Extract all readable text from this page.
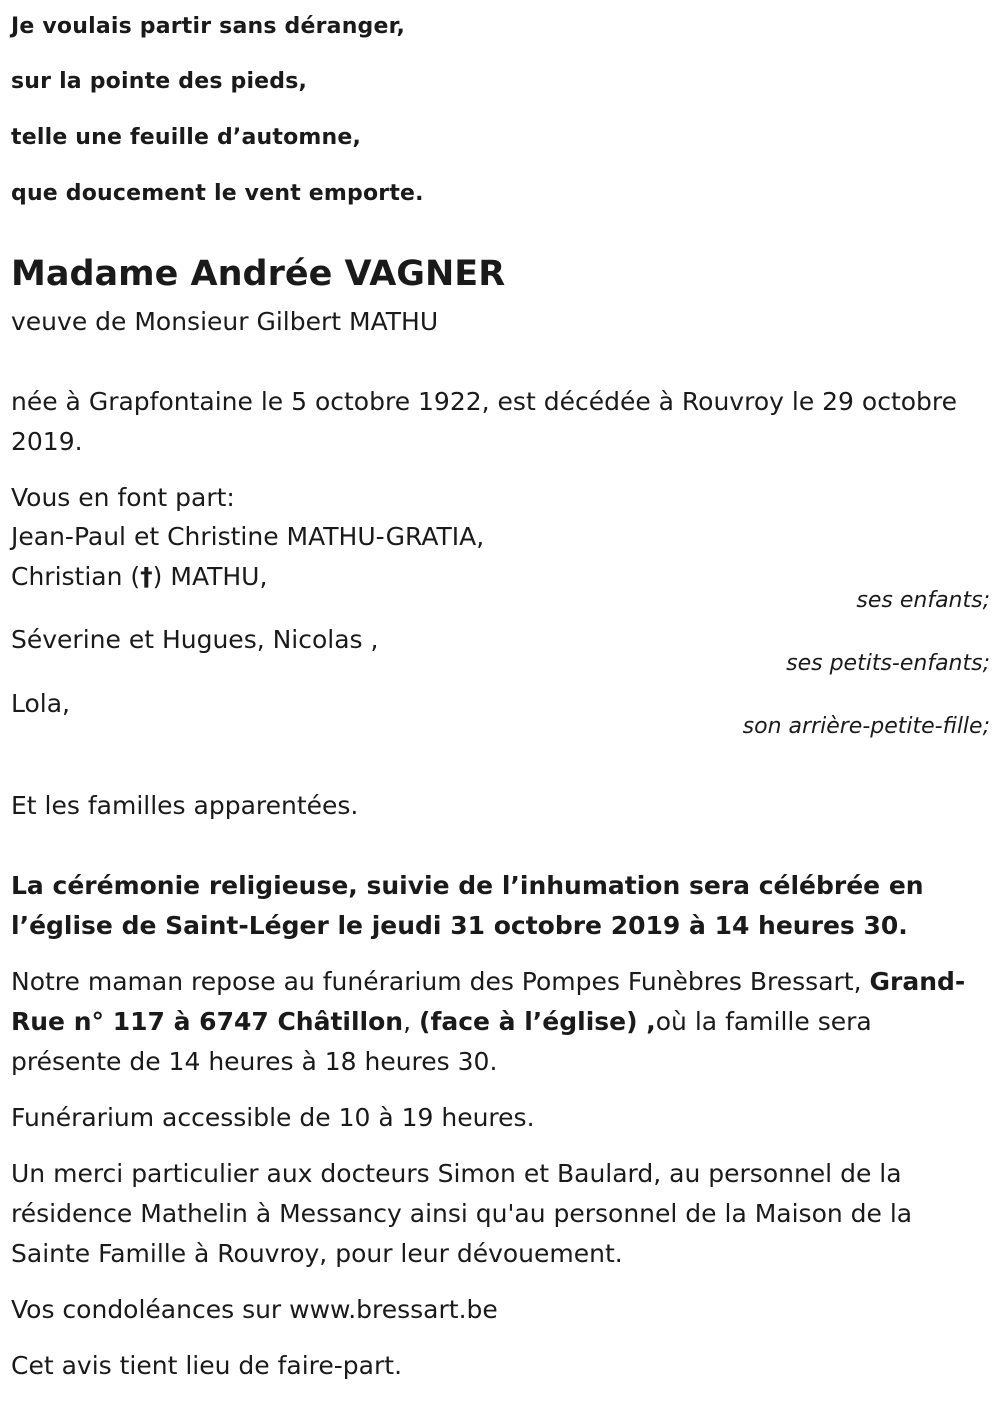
Je voulais partir sans déranger,
sur la pointe des pieds,
telle une feuille d’automne,
que doucement le vent emporte.
Madame Andrée VAGNER
veuve de Monsieur Gilbert MATHU
née à Grapfontaine le 5 octobre 1922, est décédée à Rouvroy le 29 octobre 2019.
Vous en font part:
Jean-Paul et Christine MATHU-GRATIA,
Christian (†) MATHU,
ses enfants;
Séverine et Hugues, Nicolas ,
ses petits-enfants;
Lola,
son arrière-petite-fille;
Et les familles apparentées.
La cérémonie religieuse, suivie de l’inhumation sera célébrée en l’église de Saint-Léger le jeudi 31 octobre 2019 à 14 heures 30.
Notre maman repose au funérarium des Pompes Funèbres Bressart, Grand-Rue n° 117 à 6747 Châtillon, (face à l’église) ,où la famille sera présente de 14 heures à 18 heures 30.
Funérarium accessible de 10 à 19 heures.
Un merci particulier aux docteurs Simon et Baulard, au personnel de la résidence Mathelin à Messancy ainsi qu'au personnel de la Maison de la Sainte Famille à Rouvroy, pour leur dévouement.
Vos condoléances sur www.bressart.be
Cet avis tient lieu de faire-part.
